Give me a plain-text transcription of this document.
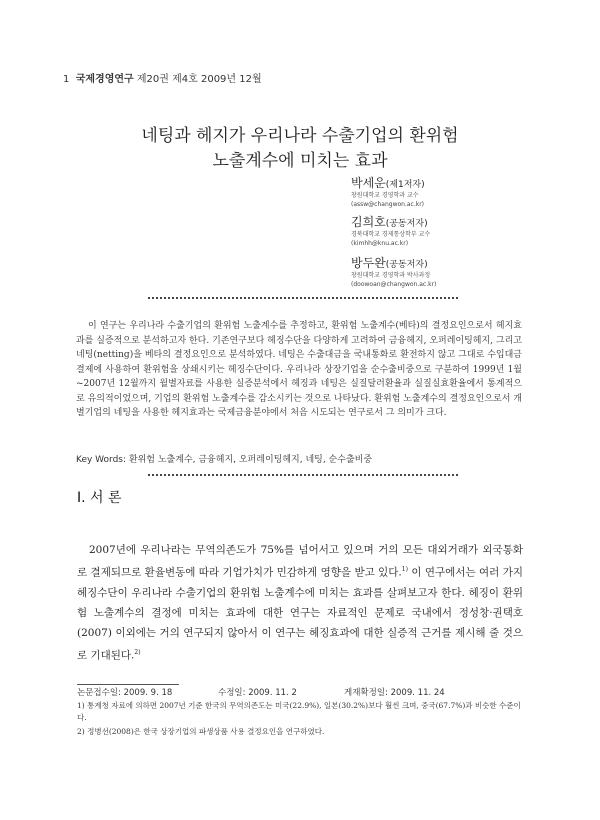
1 국제경영연구 제20권 제4호 2009년 12월
네팅과 헤지가 우리나라 수출기업의 환위험
노출계수에 미치는 효과
박세운(제1저자)
창원대학교 경영학과 교수
(assw@changwon.ac.kr)
김희호(공동저자)
경북대학교 경제통상학부 교수
(kimhh@knu.ac.kr)
방두완(공동저자)
창원대학교 경영학과 박사과정
(doowoan@changwon.ac.kr)

이 연구는 우리나라 수출기업의 환위험 노출계수를 추정하고, 환위험 노출계수(베타)의 결정요인으로서 헤지효과를 실증적으로 분석하고자 한다. 기존연구보다 헤징수단을 다양하게 고려하여 금융헤지, 오퍼레이팅헤지, 그리고 네팅(netting)을 베타의 결정요인으로 분석하였다. 네팅은 수출대금을 국내통화로 환전하지 않고 그대로 수입대금 결제에 사용하여 환위험을 상쇄시키는 헤징수단이다. 우리나라 상장기업을 순수출비중으로 구분하여 1999년 1월~2007년 12월까지 월별자료를 사용한 실증분석에서 헤징과 네팅은 실질달러환율과 실질실효환율에서 통계적으로 유의적이었으며, 기업의 환위험 노출계수를 감소시키는 것으로 나타났다. 환위험 노출계수의 결정요인으로서 개별기업의 네팅을 사용한 헤지효과는 국제금융분야에서 처음 시도되는 연구로서 그 의미가 크다.

Key Words: 환위험 노출계수, 금융헤지, 오퍼레이팅헤지, 네팅, 순수출비중
I. 서 론

2007년에 우리나라는 무역의존도가 75%를 넘어서고 있으며 거의 모든 대외거래가 외국통화로 결제되므로 환율변동에 따라 기업가치가 민감하게 영향을 받고 있다.$^{1)}$ 이 연구에서는 여러 가지 헤징수단이 우리나라 수출기업의 환위험 노출계수에 미치는 효과를 살펴보고자 한다. 헤징이 환위험 노출계수의 결정에 미치는 효과에 대한 연구는 자료적인 문제로 국내에서 정성창·권택호(2007) 이외에는 거의 연구되지 않아서 이 연구는 헤징효과에 대한 실증적 근거를 제시해 줄 것으로 기대된다.$^{2)}$

논문접수일: 2009. 9. 18	수정일: 2009. 11. 2	게재확정일: 2009. 11. 24
1) 통계청 자료에 의하면 2007년 기준 한국의 무역의존도는 미국(22.9%), 일본(30.2%)보다 훨씬 크며, 중국(67.7%)과 비슷한 수준이다.
2) 정병선(2008)은 한국 상장기업의 파생상품 사용 결정요인을 연구하였다.
